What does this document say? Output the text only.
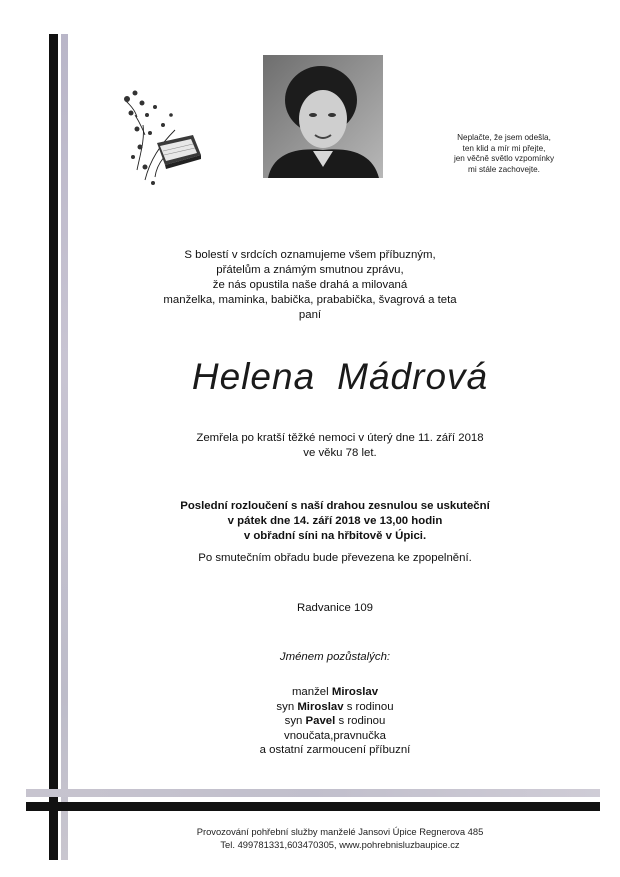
Neplačte, že jsem odešla,
ten klid a mír mi přejte,
jen věčně světlo vzpomínky
mi stále zachovejte.
S bolestí v srdcích oznamujeme všem příbuzným,
přátelům a známým smutnou zprávu,
že nás opustila naše drahá a milovaná
manželka, maminka, babička, prababička, švagrová a teta
paní
Helena Mádrová
Zemřela po kratší těžké nemoci v úterý dne 11. září 2018
ve věku 78 let.
Poslední rozloučení s naší drahou zesnulou se uskuteční
v pátek dne 14. září 2018 ve 13,00 hodin
v obřadní síni na hřbitově v Úpici.
Po smutečním obřadu bude převezena ke zpopelnění.
Radvanice 109
Jménem pozůstalých:
manžel Miroslav
syn Miroslav s rodinou
syn Pavel s rodinou
vnoučata,pravnučka
a ostatní zarmoucení příbuzní
Provozování pohřební služby manželé Jansovi Úpice Regnerova 485
Tel. 499781331,603470305, www.pohrebnisluzbaupice.cz
